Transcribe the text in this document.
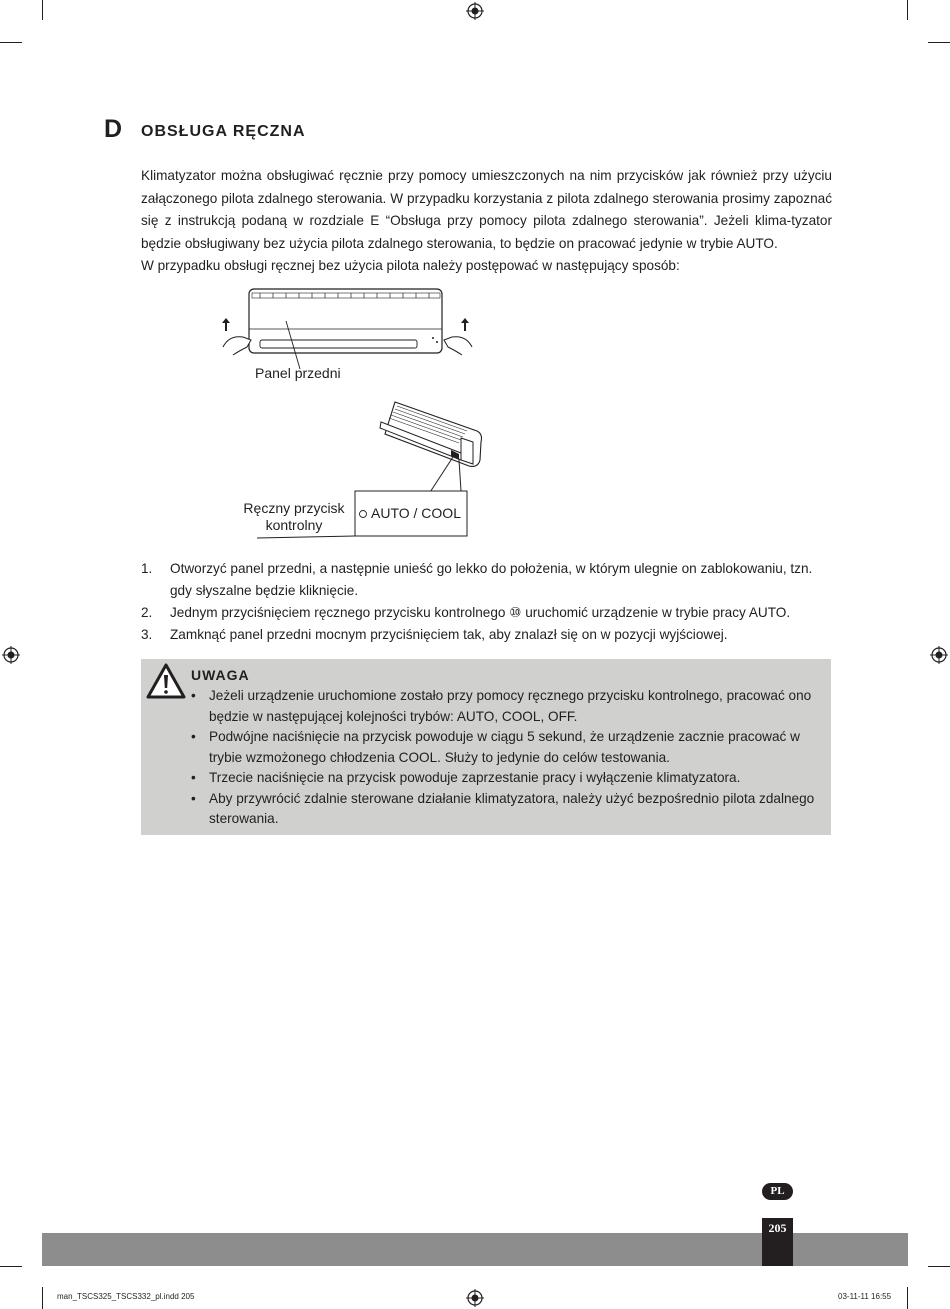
D OBSŁUGA RĘCZNA

Klimatyzator można obsługiwać ręcznie przy pomocy umieszczonych na nim przycisków jak również przy użyciu załączonego pilota zdalnego sterowania. W przypadku korzystania z pilota zdalnego sterowania prosimy zapoznać się z instrukcją podaną w rozdziale E “Obsługa przy pomocy pilota zdalnego sterowania”. Jeżeli klima-tyzator będzie obsługiwany bez użycia pilota zdalnego sterowania, to będzie on pracować jedynie w trybie AUTO.

W przypadku obsługi ręcznej bez użycia pilota należy postępować w następujący sposób:

Panel przedni
Ręczny przycisk
kontrolny
AUTO / COOL
1. Otworzyć panel przedni, a następnie unieść go lekko do położenia, w którym ulegnie on zablokowaniu, tzn. gdy słyszalne będzie kliknięcie.
2. Jednym przyciśnięciem ręcznego przycisku kontrolnego ⑩ uruchomić urządzenie w trybie pracy AUTO.
3. Zamknąć panel przedni mocnym przyciśnięciem tak, aby znalazł się on w pozycji wyjściowej.
UWAGA
• Jeżeli urządzenie uruchomione zostało przy pomocy ręcznego przycisku kontrolnego, pracować ono będzie w następującej kolejności trybów: AUTO, COOL, OFF.
• Podwójne naciśnięcie na przycisk powoduje w ciągu 5 sekund, że urządzenie zacznie pracować w trybie wzmożonego chłodzenia COOL. Służy to jedynie do celów testowania.
• Trzecie naciśnięcie na przycisk powoduje zaprzestanie pracy i wyłączenie klimatyzatora.
• Aby przywrócić zdalnie sterowane działanie klimatyzatora, należy użyć bezpośrednio pilota zdalnego sterowania.
PL
205
man_TSCS325_TSCS332_pl.indd 205	03-11-11 16:55
